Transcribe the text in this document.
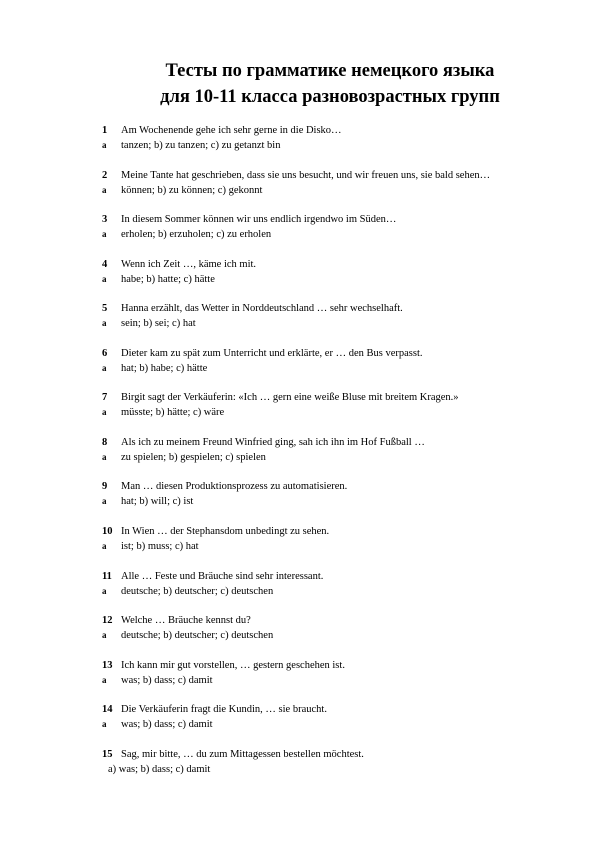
Тесты по грамматике немецкого языка
для 10-11 класса разновозрастных групп
1 Am Wochenende gehe ich sehr gerne in die Disko…
a tanzen; b) zu tanzen; c) zu getanzt bin
2 Meine Tante hat geschrieben, dass sie uns besucht, und wir freuen uns, sie bald sehen…
a können; b) zu können; c) gekonnt
3 In diesem Sommer können wir uns endlich irgendwo im Süden…
a erholen; b) erzuholen; c) zu erholen
4 Wenn ich Zeit …, käme ich mit.
a habe; b) hatte; c) hätte
5 Hanna erzählt, das Wetter in Norddeutschland … sehr wechselhaft.
a sein; b) sei; c) hat
6 Dieter kam zu spät zum Unterricht und erklärte, er … den Bus verpasst.
a hat; b) habe; c) hätte
7 Birgit sagt der Verkäuferin: «Ich … gern eine weiße Bluse mit breitem Kragen.»
a müsste; b) hätte; c) wäre
8 Als ich zu meinem Freund Winfried ging, sah ich ihn im Hof Fußball …
a zu spielen; b) gespielen; c) spielen
9 Man … diesen Produktionsprozess zu automatisieren.
a hat; b) will; c) ist
10 In Wien … der Stephansdom unbedingt zu sehen.
a ist; b) muss; c) hat
11 Alle … Feste und Bräuche sind sehr interessant.
a deutsche; b) deutscher; c) deutschen
12 Welche … Bräuche kennst du?
a deutsche; b) deutscher; c) deutschen
13 Ich kann mir gut vorstellen, … gestern geschehen ist.
a was; b) dass; c) damit
14 Die Verkäuferin fragt die Kundin, … sie braucht.
a was; b) dass; c) damit
15 Sag, mir bitte, … du zum Mittagessen bestellen möchtest.
a) was; b) dass; c) damit
